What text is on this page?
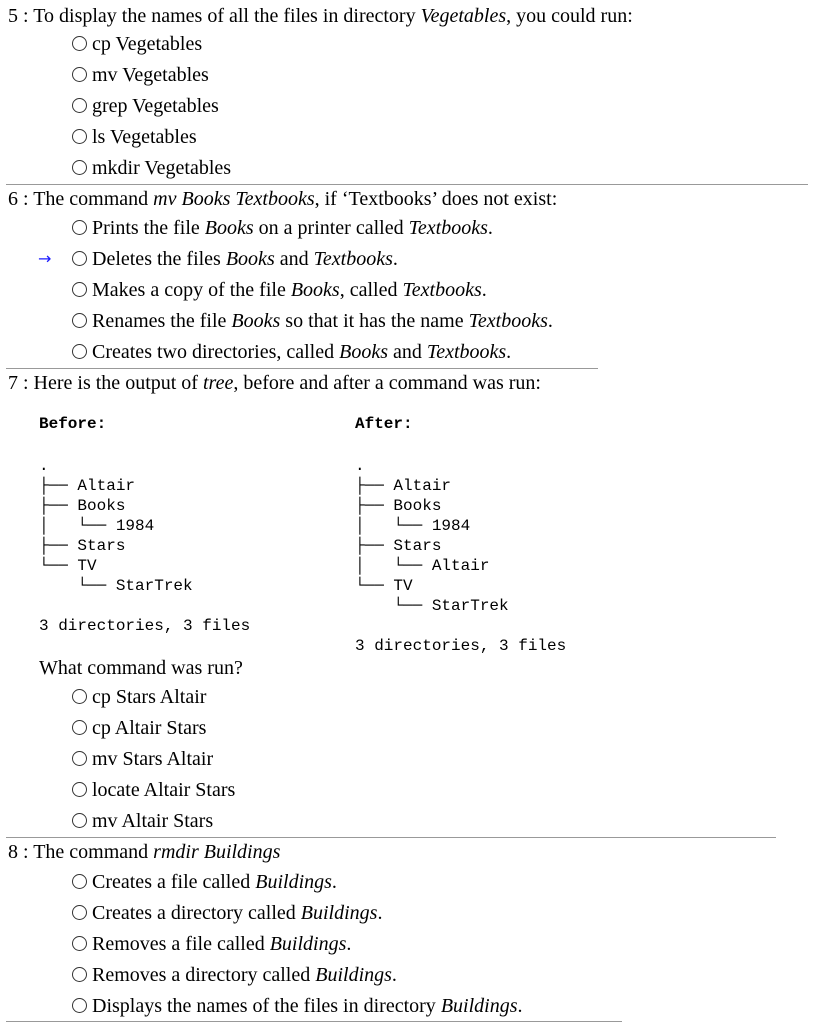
5 : To display the names of all the files in directory Vegetables, you could run:
cp Vegetables
mv Vegetables
grep Vegetables
ls Vegetables
mkdir Vegetables
6 : The command mv Books Textbooks, if ‘Textbooks’ does not exist:
Prints the file Books on a printer called Textbooks.
→	Deletes the files Books and Textbooks.
Makes a copy of the file Books, called Textbooks.
Renames the file Books so that it has the name Textbooks.
Creates two directories, called Books and Textbooks.
7 : Here is the output of tree, before and after a command was run:
Before:	After:
.
├── Altair
├── Books
│   └── 1984
├── Stars
└── TV
└── StarTrek

3 directories, 3 files
.
├── Altair
├── Books
│   └── 1984
├── Stars
│   └── Altair
└── TV
└── StarTrek

3 directories, 3 files
What command was run?
cp Stars Altair
cp Altair Stars
mv Stars Altair
locate Altair Stars
mv Altair Stars
8 : The command rmdir Buildings
Creates a file called Buildings.
Creates a directory called Buildings.
Removes a file called Buildings.
Removes a directory called Buildings.
Displays the names of the files in directory Buildings.
